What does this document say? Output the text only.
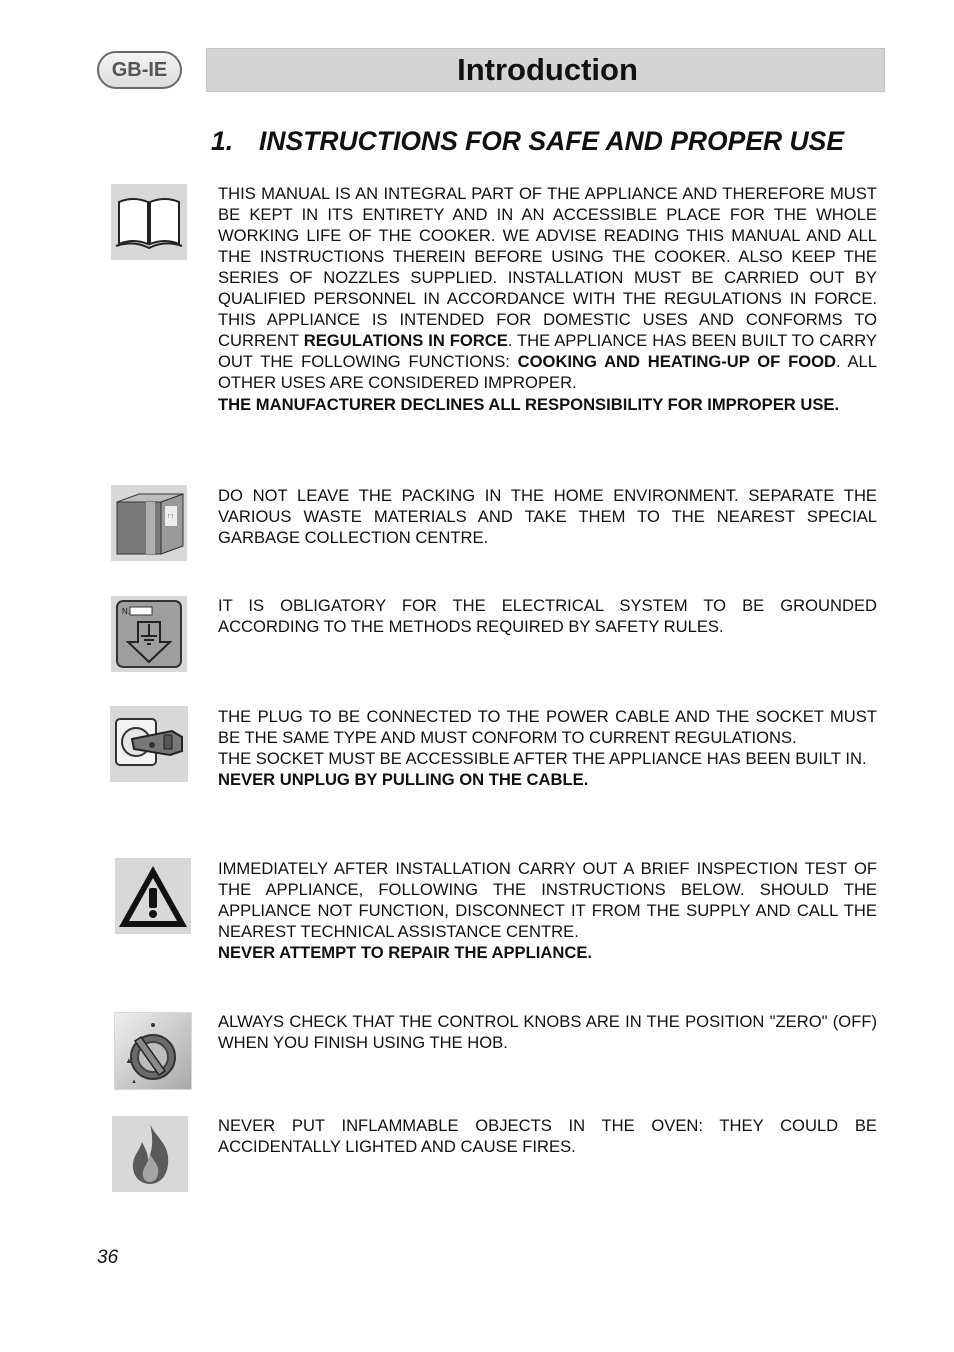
GB-IE	Introduction
1. INSTRUCTIONS FOR SAFE AND PROPER USE

THIS MANUAL IS AN INTEGRAL PART OF THE APPLIANCE AND THEREFORE MUST BE KEPT IN ITS ENTIRETY AND IN AN ACCESSIBLE PLACE FOR THE WHOLE WORKING LIFE OF THE COOKER. WE ADVISE READING THIS MANUAL AND ALL THE INSTRUCTIONS THEREIN BEFORE USING THE COOKER. ALSO KEEP THE SERIES OF NOZZLES SUPPLIED. INSTALLATION MUST BE CARRIED OUT BY QUALIFIED PERSONNEL IN ACCORDANCE WITH THE REGULATIONS IN FORCE. THIS APPLIANCE IS INTENDED FOR DOMESTIC USES AND CONFORMS TO CURRENT REGULATIONS IN FORCE. THE APPLIANCE HAS BEEN BUILT TO CARRY OUT THE FOLLOWING FUNCTIONS: COOKING AND HEATING-UP OF FOOD. ALL OTHER USES ARE CONSIDERED IMPROPER.

THE MANUFACTURER DECLINES ALL RESPONSIBILITY FOR IMPROPER USE.

↑↑

DO NOT LEAVE THE PACKING IN THE HOME ENVIRONMENT. SEPARATE THE VARIOUS WASTE MATERIALS AND TAKE THEM TO THE NEAREST SPECIAL GARBAGE COLLECTION CENTRE.

N.	IT IS OBLIGATORY FOR THE ELECTRICAL SYSTEM TO BE GROUNDED ACCORDING TO THE METHODS REQUIRED BY SAFETY RULES.

THE PLUG TO BE CONNECTED TO THE POWER CABLE AND THE SOCKET MUST BE THE SAME TYPE AND MUST CONFORM TO CURRENT REGULATIONS.

THE SOCKET MUST BE ACCESSIBLE AFTER THE APPLIANCE HAS BEEN BUILT IN.

NEVER UNPLUG BY PULLING ON THE CABLE.

IMMEDIATELY AFTER INSTALLATION CARRY OUT A BRIEF INSPECTION TEST OF THE APPLIANCE, FOLLOWING THE INSTRUCTIONS BELOW. SHOULD THE APPLIANCE NOT FUNCTION, DISCONNECT IT FROM THE SUPPLY AND CALL THE NEAREST TECHNICAL ASSISTANCE CENTRE.

NEVER ATTEMPT TO REPAIR THE APPLIANCE.

▲
▲

ALWAYS CHECK THAT THE CONTROL KNOBS ARE IN THE POSITION "ZERO" (OFF) WHEN YOU FINISH USING THE HOB.

NEVER PUT INFLAMMABLE OBJECTS IN THE OVEN: THEY COULD BE ACCIDENTALLY LIGHTED AND CAUSE FIRES.

36
